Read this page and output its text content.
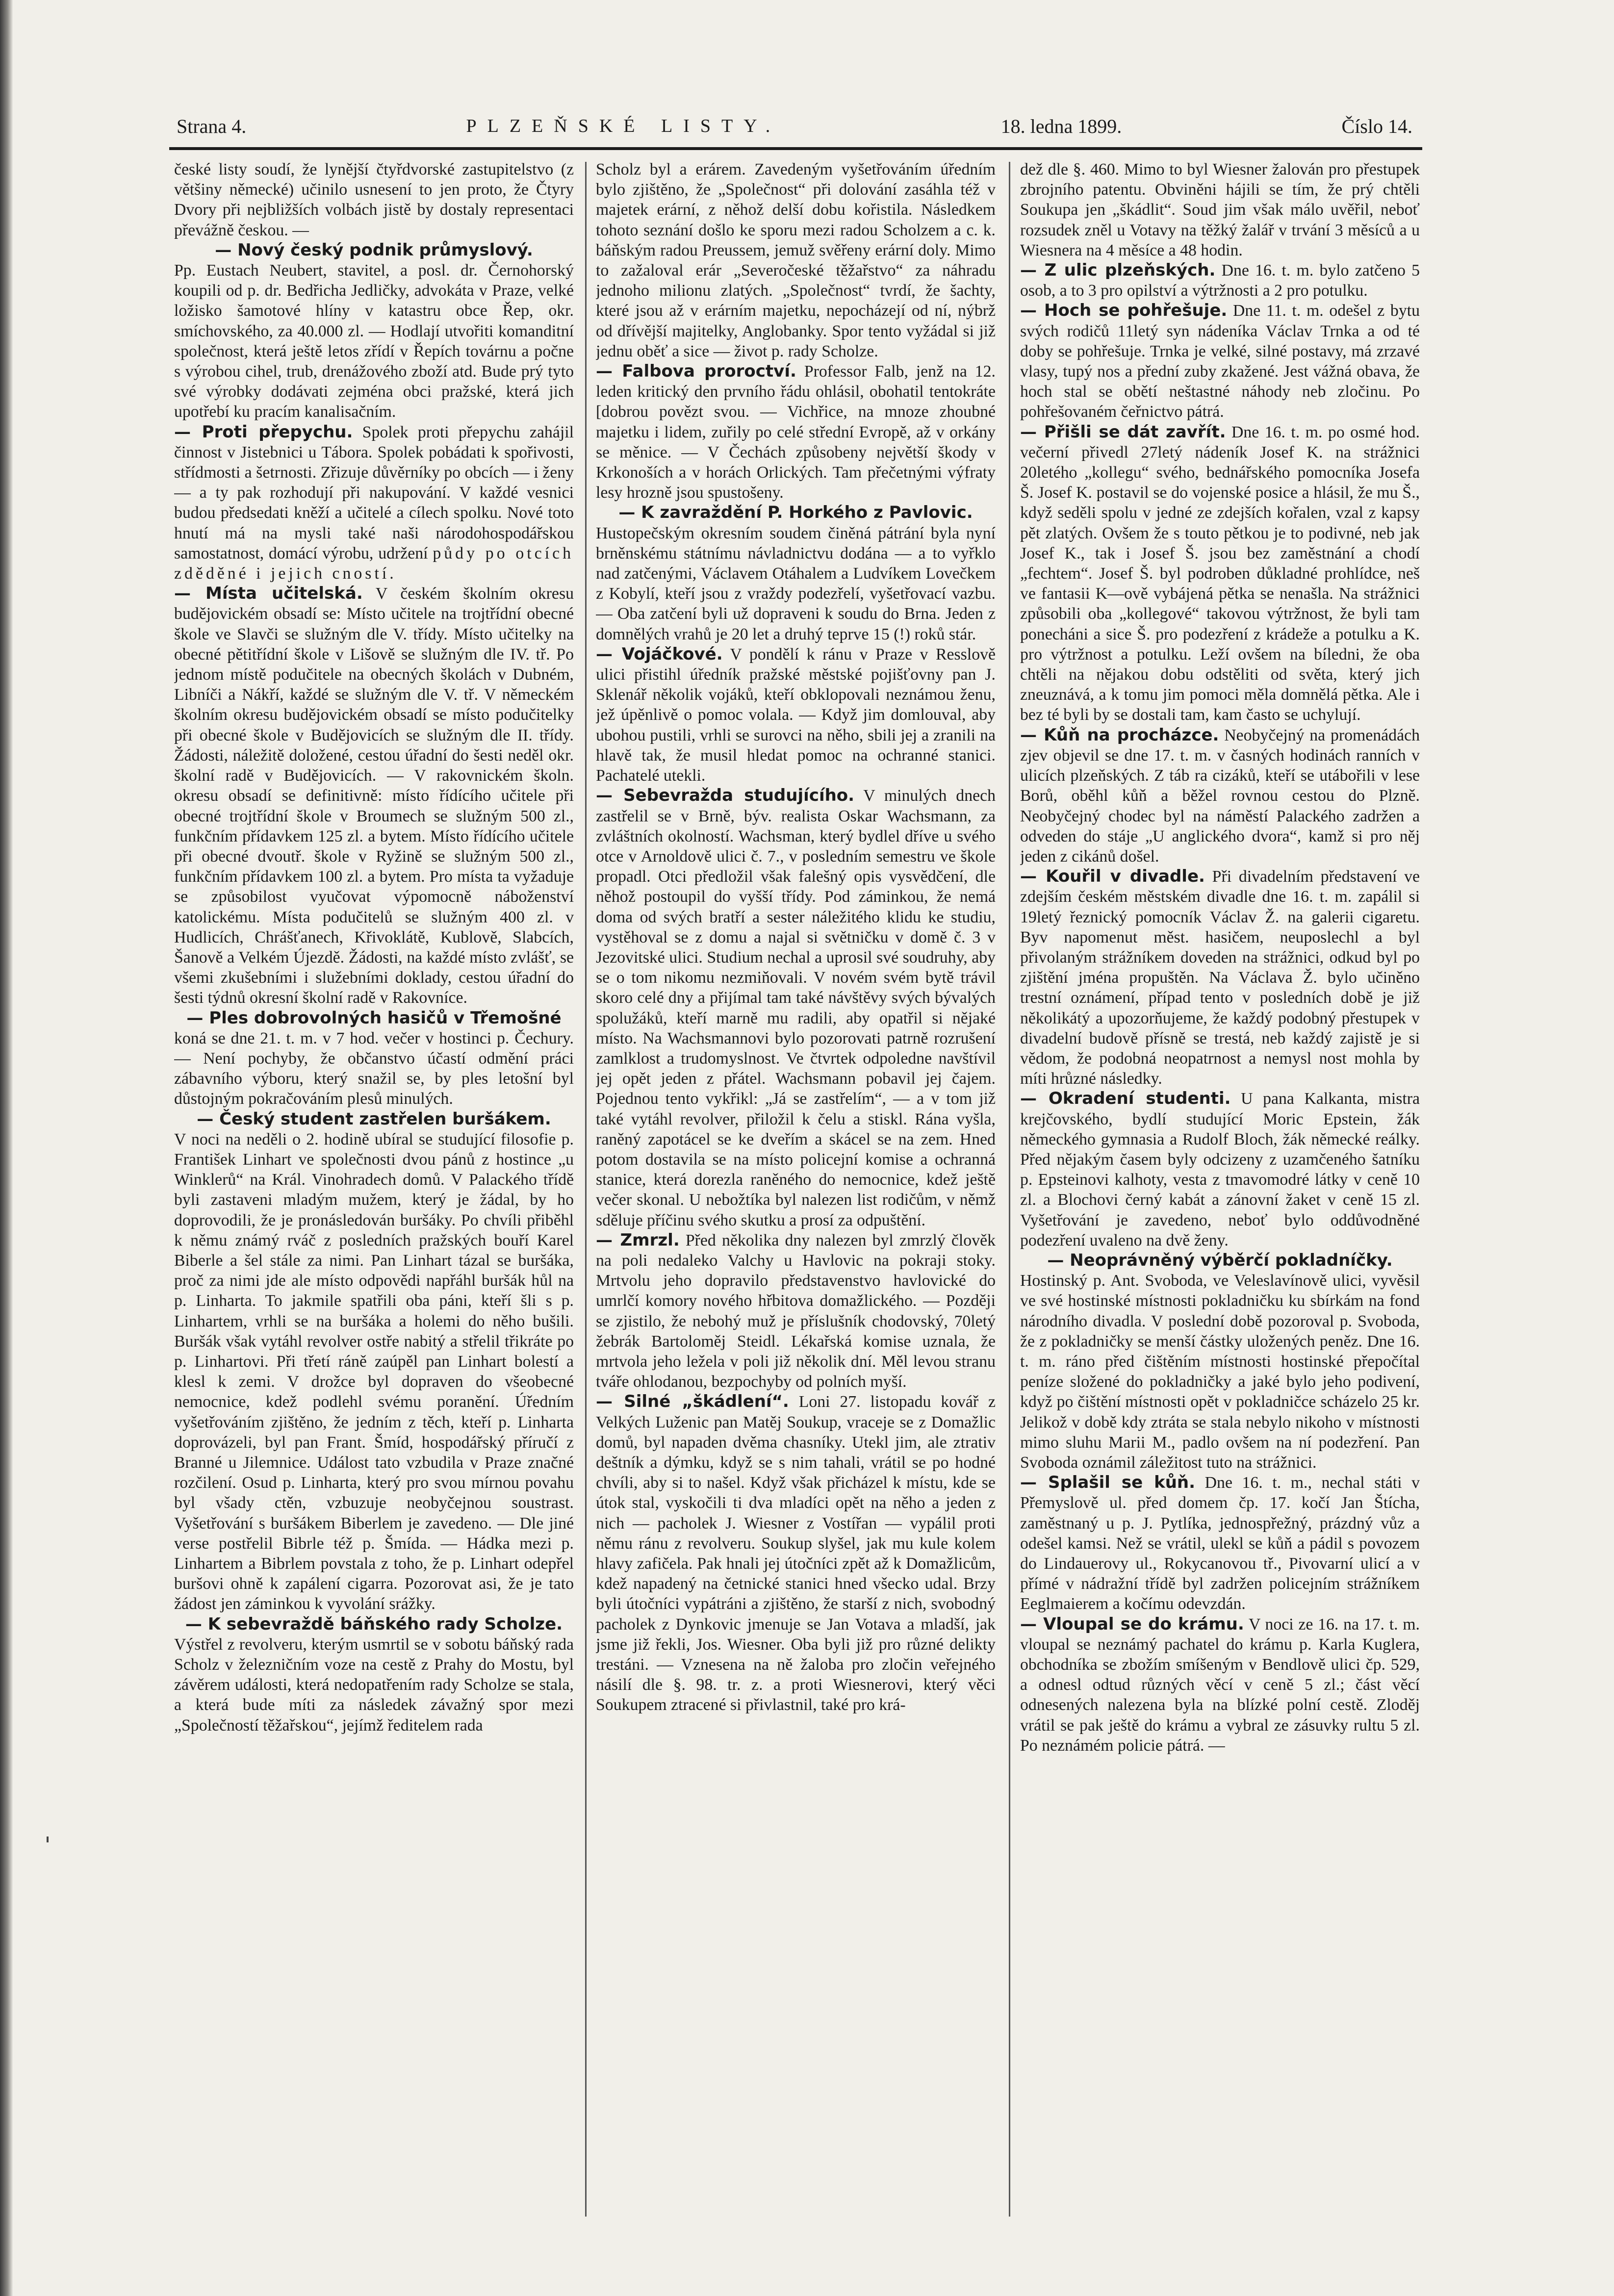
Strana 4.	PLZEŇSKÉ LISTY.	18. ledna 1899.	Číslo 14.

české listy soudí, že lynější čtyřdvorské zastupitelstvo (z většiny německé) učinilo usnesení to jen proto, že Čtyry Dvory při nejbližších volbách jistě by dostaly representaci převážně českou. —

— Nový český podnik průmyslový.

Pp. Eustach Neubert, stavitel, a posl. dr. Černohorský koupili od p. dr. Bedřicha Jedličky, advokáta v Praze, velké ložisko šamotové hlíny v katastru obce Řep, okr. smíchovského, za 40.000 zl. — Hodlají utvořiti komanditní společnost, která ještě letos zřídí v Řepích továrnu a počne s výrobou cihel, trub, drenážového zboží atd. Bude prý tyto své výrobky dodávati zejména obci pražské, která jich upotřebí ku pracím kanalisačním.

— Proti přepychu. Spolek proti přepychu zahájil činnost v Jistebnici u Tábora. Spolek pobádati k spořivosti, střídmosti a šetrnosti. Zřizuje důvěrníky po obcích — i ženy — a ty pak rozhodují při nakupování. V každé vesnici budou předsedati kněží a učitelé a cílech spolku. Nové toto hnutí má na mysli také naši národohospodářskou samostatnost, domácí výrobu, udržení půdy po otcích zděděné i jejich cností.

— Místa učitelská. V českém školním okresu budějovickém obsadí se: Místo učitele na trojtřídní obecné škole ve Slavči se služným dle V. třídy. Místo učitelky na obecné pětitřídní škole v Lišově se služným dle IV. tř. Po jednom místě podučitele na obecných školách v Dubném, Libníči a Nákří, každé se služným dle V. tř. V německém školním okresu budějovickém obsadí se místo podučitelky při obecné škole v Budějovicích se služným dle II. třídy. Žádosti, náležitě doložené, cestou úřadní do šesti neděl okr. školní radě v Budějovicích. — V rakovnickém školn. okresu obsadí se definitivně: místo řídícího učitele při obecné trojtřídní škole v Broumech se služným 500 zl., funkčním přídavkem 125 zl. a bytem. Místo řídícího učitele při obecné dvoutř. škole v Ryžině se služným 500 zl., funkčním přídavkem 100 zl. a bytem. Pro místa ta vyžaduje se způsobilost vyučovat výpomocně náboženství katolickému. Místa podučitelů se služným 400 zl. v Hudlicích, Chrášťanech, Křivoklátě, Kublově, Slabcích, Šanově a Velkém Újezdě. Žádosti, na každé místo zvlášť, se všemi zkušebními i služebními doklady, cestou úřadní do šesti týdnů okresní školní radě v Rakovníce.

— Ples dobrovolných hasičů v Třemošné

koná se dne 21. t. m. v 7 hod. večer v hostinci p. Čechury. — Není pochyby, že občanstvo účastí odmění práci zábavního výboru, který snažil se, by ples letošní byl důstojným pokračováním plesů minulých.

— Český student zastřelen buršákem.

V noci na neděli o 2. hodině ubíral se studující filosofie p. František Linhart ve společnosti dvou pánů z hostince „u Winklerů“ na Král. Vinohradech domů. V Palackého třídě byli zastaveni mladým mužem, který je žádal, by ho doprovodili, že je pronásledován buršáky. Po chvíli přiběhl k němu známý rváč z posledních pražských bouří Karel Biberle a šel stále za nimi. Pan Linhart tázal se buršáka, proč za nimi jde ale místo odpovědi napřáhl buršák hůl na p. Linharta. To jakmile spatřili oba páni, kteří šli s p. Linhartem, vrhli se na buršáka a holemi do něho bušili. Buršák však vytáhl revolver ostře nabitý a střelil třikráte po p. Linhartovi. Při třetí ráně zaúpěl pan Linhart bolestí a klesl k zemi. V drožce byl dopraven do všeobecné nemocnice, kdež podlehl svému poranění. Úředním vyšetřováním zjištěno, že jedním z těch, kteří p. Linharta doprovázeli, byl pan Frant. Šmíd, hospodářský příručí z Branné u Jilemnice. Událost tato vzbudila v Praze značné rozčilení. Osud p. Linharta, který pro svou mírnou povahu byl všady ctěn, vzbuzuje neobyčejnou soustrast. Vyšetřování s buršákem Biberlem je zavedeno. — Dle jiné verse postřelil Bibrle též p. Šmída. — Hádka mezi p. Linhartem a Bibrlem povstala z toho, že p. Linhart odepřel buršovi ohně k zapálení cigarra. Pozorovat asi, že je tato žádost jen záminkou k vyvolání srážky.

— K sebevraždě báňského rady Scholze.

Výstřel z revolveru, kterým usmrtil se v sobotu báňský rada Scholz v železničním voze na cestě z Prahy do Mostu, byl závěrem události, která nedopatřením rady Scholze se stala, a která bude míti za následek závažný spor mezi „Společností těžařskou“, jejímž ředitelem rada

Scholz byl a erárem. Zavedeným vyšetřováním úředním bylo zjištěno, že „Společnost“ při dolování zasáhla též v majetek erární, z něhož delší dobu kořistila. Následkem tohoto seznání došlo ke sporu mezi radou Scholzem a c. k. báňským radou Preussem, jemuž svěřeny erární doly. Mimo to zažaloval erár „Severočeské těžařstvo“ za náhradu jednoho milionu zlatých. „Společnost“ tvrdí, že šachty, které jsou až v erárním majetku, nepocházejí od ní, nýbrž od dřívější majitelky, Anglobanky. Spor tento vyžádal si již jednu oběť a sice — život p. rady Scholze.

— Falbova proroctví. Professor Falb, jenž na 12. leden kritický den prvního řádu ohlásil, obohatil tentokráte [dobrou povězt svou. — Vichřice, na mnoze zhoubné majetku i lidem, zuřily po celé střední Evropě, až v orkány se měnice. — V Čechách způsobeny největší škody v Krkonoších a v horách Orlických. Tam přečetnými výfraty lesy hrozně jsou spustošeny.

— K zavraždění P. Horkého z Pavlovic.

Hustopečským okresním soudem činěná pátrání byla nyní brněnskému státnímu návladnictvu dodána — a to vyřklo nad zatčenými, Václavem Otáhalem a Ludvíkem Lovečkem z Kobylí, kteří jsou z vraždy podezřelí, vyšetřovací vazbu. — Oba zatčení byli už dopraveni k soudu do Brna. Jeden z domnělých vrahů je 20 let a druhý teprve 15 (!) roků stár.

— Vojáčkové. V pondělí k ránu v Praze v Resslově ulici přistihl úředník pražské městské pojišťovny pan J. Sklenář několik vojáků, kteří obklopovali neznámou ženu, jež úpěnlivě o pomoc volala. — Když jim domlouval, aby ubohou pustili, vrhli se surovci na něho, sbili jej a zranili na hlavě tak, že musil hledat pomoc na ochranné stanici. Pachatelé utekli.

— Sebevražda studujícího. V minulých dnech zastřelil se v Brně, býv. realista Oskar Wachsmann, za zvláštních okolností. Wachsman, který bydlel dříve u svého otce v Arnoldově ulici č. 7., v posledním semestru ve škole propadl. Otci předložil však falešný opis vysvědčení, dle něhož postoupil do vyšší třídy. Pod záminkou, že nemá doma od svých bratří a sester náležitého klidu ke studiu, vystěhoval se z domu a najal si světničku v domě č. 3 v Jezovitské ulici. Studium nechal a uprosil své soudruhy, aby se o tom nikomu nezmiňovali. V novém svém bytě trávil skoro celé dny a přijímal tam také návštěvy svých bývalých spolužáků, kteří marně mu radili, aby opatřil si nějaké místo. Na Wachsmannovi bylo pozorovati patrně rozrušení zamlklost a trudomyslnost. Ve čtvrtek odpoledne navštívil jej opět jeden z přátel. Wachsmann pobavil jej čajem. Pojednou tento vykřikl: „Já se zastřelím“, — a v tom již také vytáhl revolver, přiložil k čelu a stiskl. Rána vyšla, raněný zapotácel se ke dveřím a skácel se na zem. Hned potom dostavila se na místo policejní komise a ochranná stanice, která dorezla raněného do nemocnice, kdež ještě večer skonal. U nebožtíka byl nalezen list rodičům, v němž sděluje příčinu svého skutku a prosí za odpuštění.

— Zmrzl. Před několika dny nalezen byl zmrzlý člověk na poli nedaleko Valchy u Havlovic na pokraji stoky. Mrtvolu jeho dopravilo představenstvo havlovické do umrlčí komory nového hřbitova domažlického. — Později se zjistilo, že nebohý muž je příslušník chodovský, 70letý žebrák Bartoloměj Steidl. Lékařská komise uznala, že mrtvola jeho ležela v poli již několik dní. Měl levou stranu tváře ohlodanou, bezpochyby od polních myší.

— Silné „škádlení“. Loni 27. listopadu kovář z Velkých Luženic pan Matěj Soukup, vraceje se z Domažlic domů, byl napaden dvěma chasníky. Utekl jim, ale ztrativ deštník a dýmku, když se s nim tahali, vrátil se po hodné chvíli, aby si to našel. Když však přicházel k místu, kde se útok stal, vyskočili ti dva mladíci opět na něho a jeden z nich — pacholek J. Wiesner z Vostířan — vypálil proti němu ránu z revolveru. Soukup slyšel, jak mu kule kolem hlavy zafičela. Pak hnali jej útočníci zpět až k Domažlicům, kdež napadený na četnické stanici hned všecko udal. Brzy byli útočníci vypátráni a zjištěno, že starší z nich, svobodný pacholek z Dynkovic jmenuje se Jan Votava a mladší, jak jsme již řekli, Jos. Wiesner. Oba byli již pro různé delikty trestáni. — Vznesena na ně žaloba pro zločin veřejného násilí dle §. 98. tr. z. a proti Wiesnerovi, který věci Soukupem ztracené si přivlastnil, také pro krá-

dež dle §. 460. Mimo to byl Wiesner žalován pro přestupek zbrojního patentu. Obviněni hájili se tím, že prý chtěli Soukupa jen „škádlit“. Soud jim však málo uvěřil, neboť rozsudek zněl u Votavy na těžký žalář v trvání 3 měsíců a u Wiesnera na 4 měsíce a 48 hodin.

— Z ulic plzeňských. Dne 16. t. m. bylo zatčeno 5 osob, a to 3 pro opilství a výtržnosti a 2 pro potulku.

— Hoch se pohřešuje. Dne 11. t. m. odešel z bytu svých rodičů 11letý syn nádeníka Václav Trnka a od té doby se pohřešuje. Trnka je velké, silné postavy, má zrzavé vlasy, tupý nos a přední zuby zkažené. Jest vážná obava, že hoch stal se obětí neštastné náhody neb zločinu. Po pohřešovaném čeřnictvo pátrá.

— Přišli se dát zavřít. Dne 16. t. m. po osmé hod. večerní přivedl 27letý nádeník Josef K. na strážnici 20letého „kollegu“ svého, bednářského pomocníka Josefa Š. Josef K. postavil se do vojenské posice a hlásil, že mu Š., když seděli spolu v jedné ze zdejších kořalen, vzal z kapsy pět zlatých. Ovšem že s touto pětkou je to podivné, neb jak Josef K., tak i Josef Š. jsou bez zaměstnání a chodí „fechtem“. Josef Š. byl podroben důkladné prohlídce, neš ve fantasii K—ově vybájená pětka se nenašla. Na strážnici způsobili oba „kollegové“ takovou výtržnost, že byli tam ponecháni a sice Š. pro podezření z krádeže a potulku a K. pro výtržnost a potulku. Leží ovšem na bíledni, že oba chtěli na nějakou dobu odstěliti od světa, který jich zneuznává, a k tomu jim pomoci měla domnělá pětka. Ale i bez té byli by se dostali tam, kam často se uchylují.

— Kůň na procházce. Neobyčejný na promenádách zjev objevil se dne 17. t. m. v časných hodinách ranních v ulicích plzeňských. Z táb ra cizáků, kteří se utábořili v lese Borů, oběhl kůň a běžel rovnou cestou do Plzně. Neobyčejný chodec byl na náměstí Palackého zadržen a odveden do stáje „U anglického dvora“, kamž si pro něj jeden z cikánů došel.

— Kouřil v divadle. Při divadelním představení ve zdejším českém městském divadle dne 16. t. m. zapálil si 19letý řeznický pomocník Václav Ž. na galerii cigaretu. Byv napomenut měst. hasičem, neuposlechl a byl přivolaným strážníkem doveden na strážnici, odkud byl po zjištění jména propuštěn. Na Václava Ž. bylo učiněno trestní oznámení, případ tento v posledních době je již několikátý a upozorňujeme, že každý podobný přestupek v divadelní budově přísně se trestá, neb každý zajistě je si vědom, že podobná neopatrnost a nemysl nost mohla by míti hrůzné následky.

— Okradení studenti. U pana Kalkanta, mistra krejčovského, bydlí studující Moric Epstein, žák německého gymnasia a Rudolf Bloch, žák německé reálky. Před nějakým časem byly odcizeny z uzamčeného šatníku p. Epsteinovi kalhoty, vesta z tmavomodré látky v ceně 10 zl. a Blochovi černý kabát a zánovní žaket v ceně 15 zl. Vyšetřování je zavedeno, neboť bylo oddůvodněné podezření uvaleno na dvě ženy.

— Neoprávněný výběrčí pokladníčky.

Hostinský p. Ant. Svoboda, ve Veleslavínově ulici, vyvěsil ve své hostinské místnosti pokladničku ku sbírkám na fond národního divadla. V poslední době pozoroval p. Svoboda, že z pokladničky se menší částky uložených peněz. Dne 16. t. m. ráno před čištěním místnosti hostinské přepočítal peníze složené do pokladničky a jaké bylo jeho podivení, když po čištění místnosti opět v pokladničce scházelo 25 kr. Jelikož v době kdy ztráta se stala nebylo nikoho v místnosti mimo sluhu Marii M., padlo ovšem na ní podezření. Pan Svoboda oznámil záležitost tuto na strážnici.

— Splašil se kůň. Dne 16. t. m., nechal státi v Přemyslově ul. před domem čp. 17. kočí Jan Štícha, zaměstnaný u p. J. Pytlíka, jednospřežný, prázdný vůz a odešel kamsi. Než se vrátil, ulekl se kůň a pádil s povozem do Lindauerovy ul., Rokycanovou tř., Pivovarní ulicí a v přímé v nádražní třídě byl zadržen policejním strážníkem Eeglmaierem a kočímu odevzdán.

— Vloupal se do krámu. V noci ze 16. na 17. t. m. vloupal se neznámý pachatel do krámu p. Karla Kuglera, obchodníka se zbožím smíšeným v Bendlově ulici čp. 529, a odnesl odtud různých věcí v ceně 5 zl.; část věcí odnesených nalezena byla na blízké polní cestě. Zloděj vrátil se pak ještě do krámu a vybral ze zásuvky rultu 5 zl. Po neznámém policie pátrá. —
